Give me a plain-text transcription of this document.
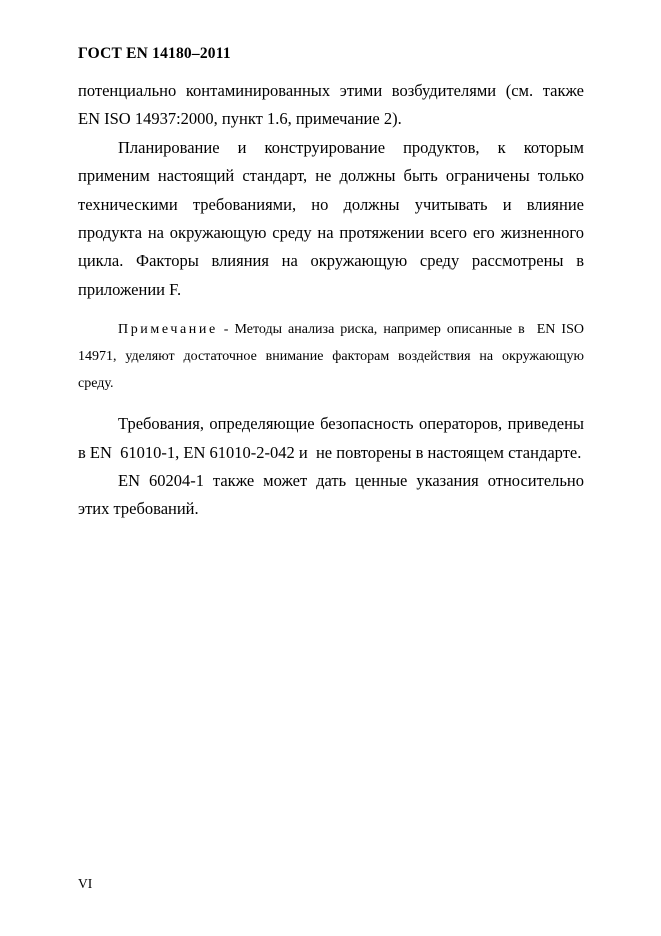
ГОСТ EN 14180–2011

потенциально контаминированных этими возбудителями (см. также  EN ISO 14937:2000, пункт 1.6, примечание 2).

Планирование и конструирование продуктов, к которым применим настоящий стандарт, не должны быть ограничены только техническими требованиями, но должны учитывать и влияние продукта на окружающую среду на протяжении всего его жизненного цикла. Факторы влияния на окружающую среду рассмотрены в приложении F.

Примечание - Методы анализа риска, например описанные в  EN ISO 14971, уделяют достаточное внимание факторам воздействия на окружающую среду.

Требования, определяющие безопасность операторов, приведены  в EN  61010-1, EN 61010-2-042 и  не повторены в настоящем стандарте.

EN 60204-1 также может дать ценные указания относительно этих требований.

VI
